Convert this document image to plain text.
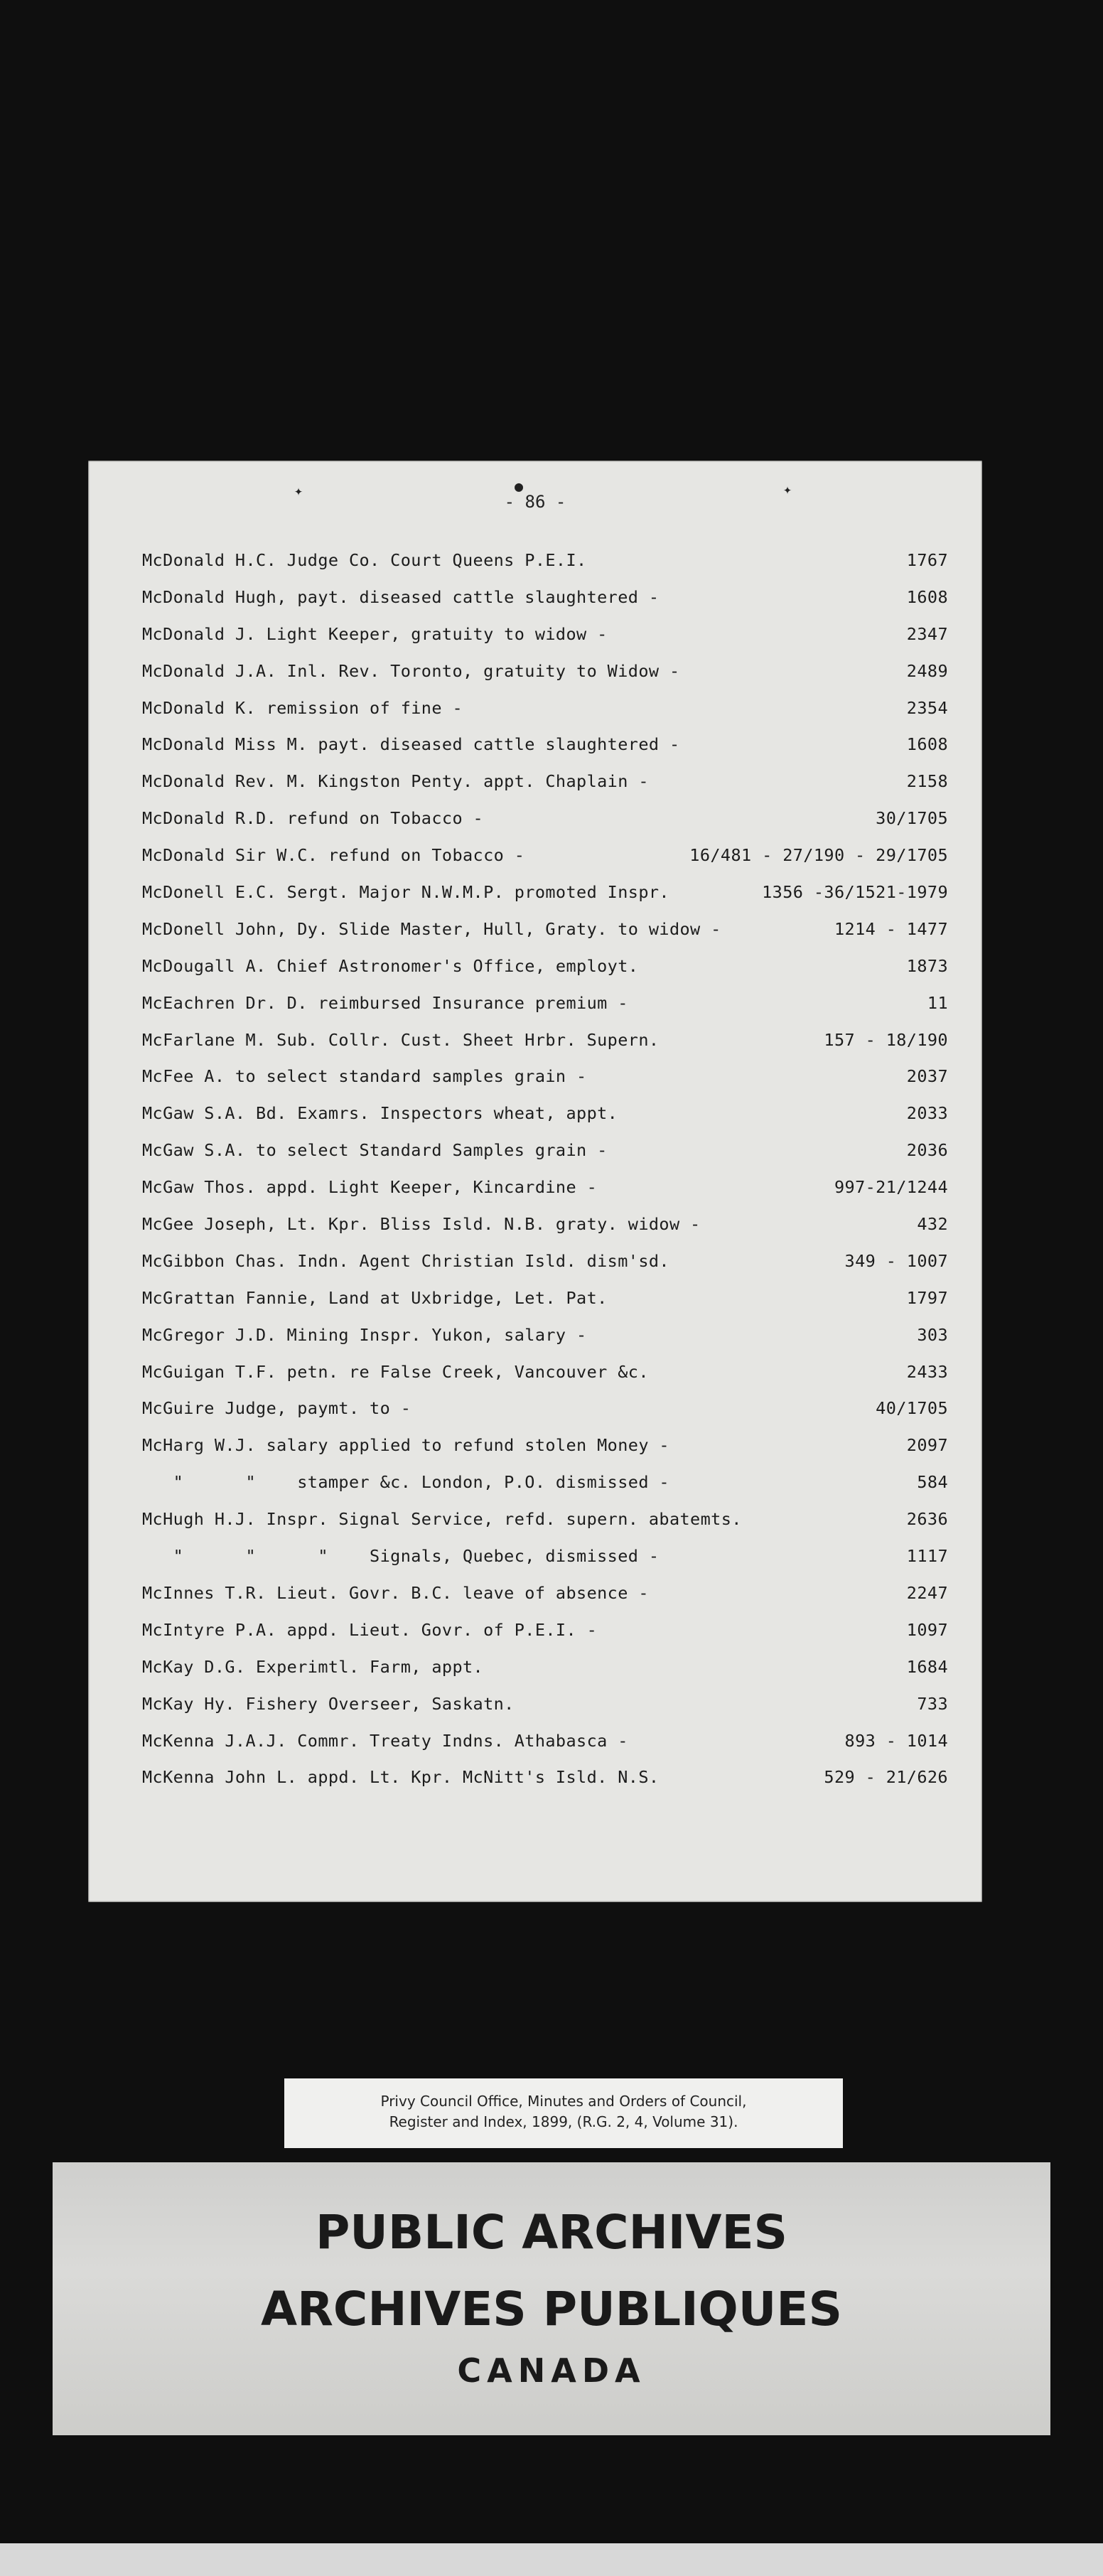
✦	●	✦
- 86 -
McDonald H.C. Judge Co. Court Queens P.E.I.	1767
McDonald Hugh, payt. diseased cattle slaughtered -	1608
McDonald J. Light Keeper, gratuity to widow -	2347
McDonald J.A. Inl. Rev. Toronto, gratuity to Widow -	2489
McDonald K. remission of fine -	2354
McDonald Miss M. payt. diseased cattle slaughtered -	1608
McDonald Rev. M. Kingston Penty. appt. Chaplain -	2158
McDonald R.D. refund on Tobacco -	30/1705
McDonald Sir W.C. refund on Tobacco -	16/481 - 27/190 - 29/1705
McDonell E.C. Sergt. Major N.W.M.P. promoted Inspr.	1356 -36/1521-1979
McDonell John, Dy. Slide Master, Hull, Graty. to widow -	1214 - 1477
McDougall A. Chief Astronomer's Office, employt.	1873
McEachren Dr. D. reimbursed Insurance premium -	11
McFarlane M. Sub. Collr. Cust. Sheet Hrbr. Supern.	157 - 18/190
McFee A. to select standard samples grain -	2037
McGaw S.A. Bd. Examrs. Inspectors wheat, appt.	2033
McGaw S.A. to select Standard Samples grain -	2036
McGaw Thos. appd. Light Keeper, Kincardine -	997-21/1244
McGee Joseph, Lt. Kpr. Bliss Isld. N.B. graty. widow -	432
McGibbon Chas. Indn. Agent Christian Isld. dism'sd.	349 - 1007
McGrattan Fannie, Land at Uxbridge, Let. Pat.	1797
McGregor J.D. Mining Inspr. Yukon, salary -	303
McGuigan T.F. petn. re False Creek, Vancouver &c.	2433
McGuire Judge, paymt. to -	40/1705
McHarg W.J. salary applied to refund stolen Money -	2097
"      "    stamper &c. London, P.O. dismissed -	584
McHugh H.J. Inspr. Signal Service, refd. supern. abatemts.	2636
"      "      "    Signals, Quebec, dismissed -	1117
McInnes T.R. Lieut. Govr. B.C. leave of absence -	2247
McIntyre P.A. appd. Lieut. Govr. of P.E.I. -	1097
McKay D.G. Experimtl. Farm, appt.	1684
McKay Hy. Fishery Overseer, Saskatn.	733
McKenna J.A.J. Commr. Treaty Indns. Athabasca -	893 - 1014
McKenna John L. appd. Lt. Kpr. McNitt's Isld. N.S.	529 - 21/626
Privy Council Office, Minutes and Orders of Council,
Register and Index, 1899, (R.G. 2, 4, Volume 31).
PUBLIC ARCHIVES
ARCHIVES PUBLIQUES
CANADA
